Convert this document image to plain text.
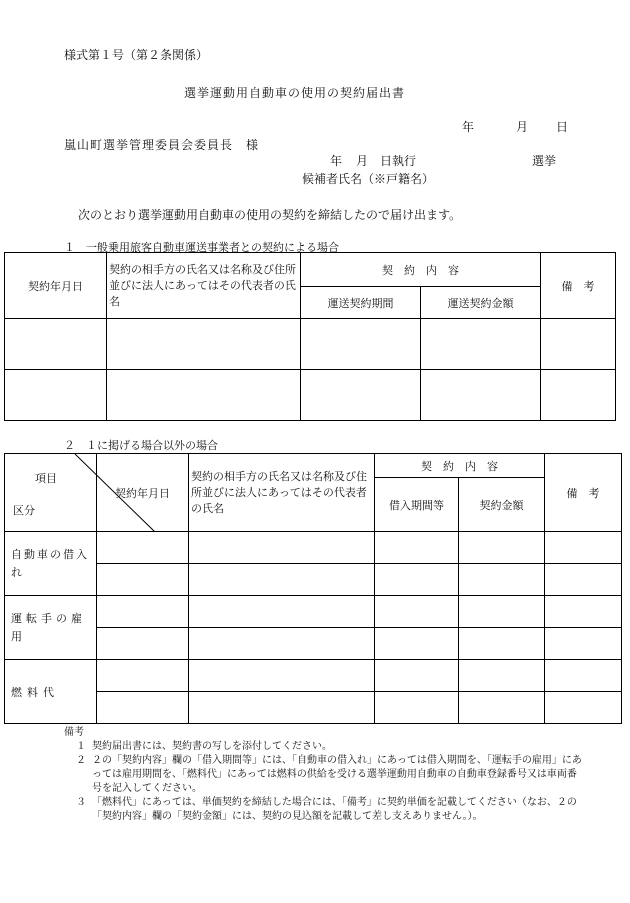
様式第１号（第２条関係）
選挙運動用自動車の使用の契約届出書
年	月 日
嵐山町選挙管理委員会委員長　様
年 月 日執行	選挙
候補者氏名（※戸籍名）
次のとおり選挙運動用自動車の使用の契約を締結したので届け出ます。
１　一般乗用旅客自動車運送事業者との契約による場合
契約年月日	契約の相手方の氏名又は名称及び住所並びに法人にあってはその代表者の氏名	契　約　内　容		備　考
		運送契約期間	運送契約金額	

２　１に掲げる場合以外の場合
項目
区分	契約年月日	契約の相手方の氏名又は名称及び住所並びに法人にあってはその代表者の氏名	契　約　内　容		備　考
			借入期間等	契約金額	
自動車の借入れ					

運転手の雇用					

燃料代					

備考
１ 契約届出書には、契約書の写しを添付してください。
２ ２の「契約内容」欄の「借入期間等」には、「自動車の借入れ」にあっては借入期間を、「運転手の雇用」にあっては雇用期間を、「燃料代」にあっては燃料の供給を受ける選挙運動用自動車の自動車登録番号又は車両番号を記入してください。
３ 「燃料代」にあっては、単価契約を締結した場合には、「備考」に契約単価を記載してください（なお、２の「契約内容」欄の「契約金額」には、契約の見込額を記載して差し支えありません。）。
